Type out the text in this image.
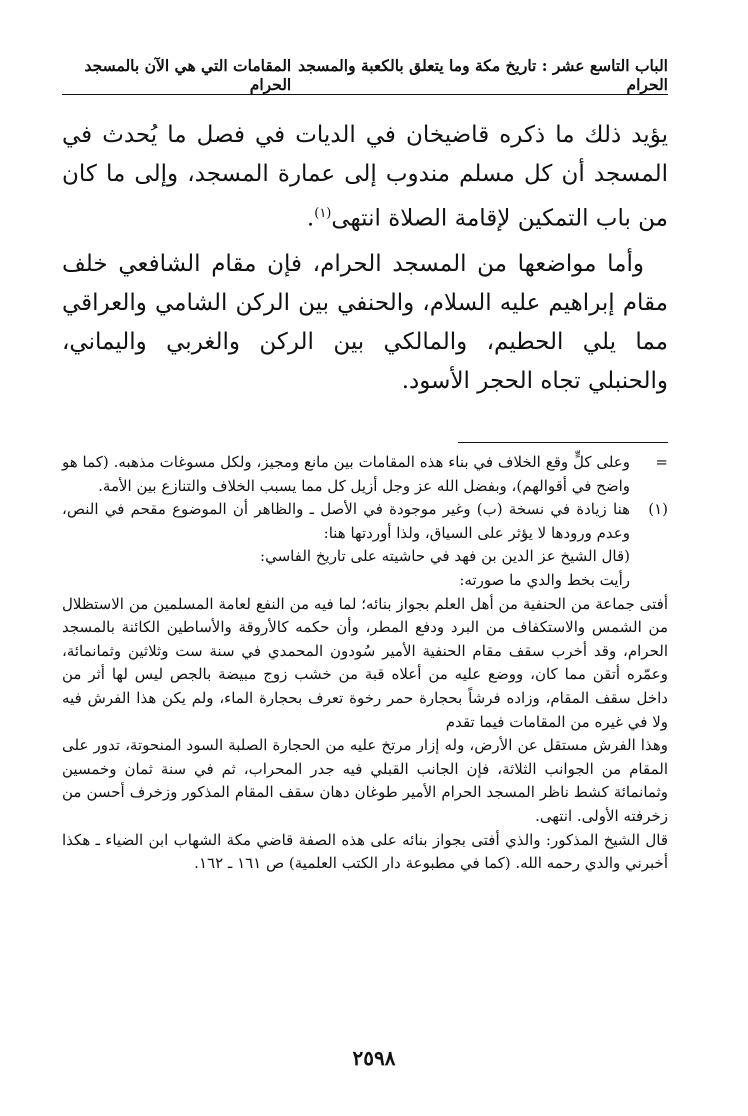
الباب التاسع عشر : تاريخ مكة وما يتعلق بالكعبة والمسجد الحرام
المقامات التي هي الآن بالمسجد الحرام

يؤيد ذلك ما ذكره قاضيخان في الديات في فصل ما يُحدث في المسجد أن كل مسلم مندوب إلى عمارة المسجد، وإلى ما كان من باب التمكين لإقامة الصلاة انتهى$^{(١)}$.

وأما مواضعها من المسجد الحرام، فإن مقام الشافعي خلف مقام إبراهيم عليه السلام، والحنفي بين الركن الشامي والعراقي مما يلي الحطيم، والمالكي بين الركن والغربي واليماني، والحنبلي تجاه الحجر الأسود.

=

وعلى كلٍّ وقع الخلاف في بناء هذه المقامات بين مانع ومجيز، ولكل مسوغات مذهبه. (كما هو واضح في أقوالهم)، وبفضل الله عز وجل أزيل كل مما يسبب الخلاف والتنازع بين الأمة.

(١)

هنا زيادة في نسخة (ب) وغير موجودة في الأصل ـ والظاهر أن الموضوع مقحم في النص، وعدم ورودها لا يؤثر على السياق، ولذا أوردتها هنا:

(قال الشيخ عز الدين بن فهد في حاشيته على تاريخ الفاسي:

رأيت بخط والدي ما صورته:

أفتى جماعة من الحنفية من أهل العلم بجواز بنائه؛ لما فيه من النفع لعامة المسلمين من الاستظلال من الشمس والاستكفاف من البرد ودفع المطر، وأن حكمه كالأروقة والأساطين الكائنة بالمسجد الحرام، وقد أخرب سقف مقام الحنفية الأمير سُودون المحمدي في سنة ست وثلاثين وثمانمائة، وعمّره أتقن مما كان، ووضع عليه من أعلاه قبة من خشب زوج مبيضة بالجص ليس لها أثر من داخل سقف المقام، وزاده فرشاً بحجارة حمر رخوة تعرف بحجارة الماء، ولم يكن هذا الفرش فيه ولا في غيره من المقامات فيما تقدم

وهذا الفرش مستقل عن الأرض، وله إزار مرتخ عليه من الحجارة الصلبة السود المنحوتة، تدور على المقام من الجوانب الثلاثة، فإن الجانب القبلي فيه جدر المحراب، ثم في سنة ثمان وخمسين وثمانمائة كشط ناظر المسجد الحرام الأمير طوغان دهان سقف المقام المذكور وزخرف أحسن من زخرفته الأولى. انتهى.

قال الشيخ المذكور: والذي أفتى بجواز بنائه على هذه الصفة قاضي مكة الشهاب ابن الضياء ـ هكذا أخبرني والدي رحمه الله. (كما في مطبوعة دار الكتب العلمية) ص ١٦١ ـ ١٦٢.

٢٥٩٨
